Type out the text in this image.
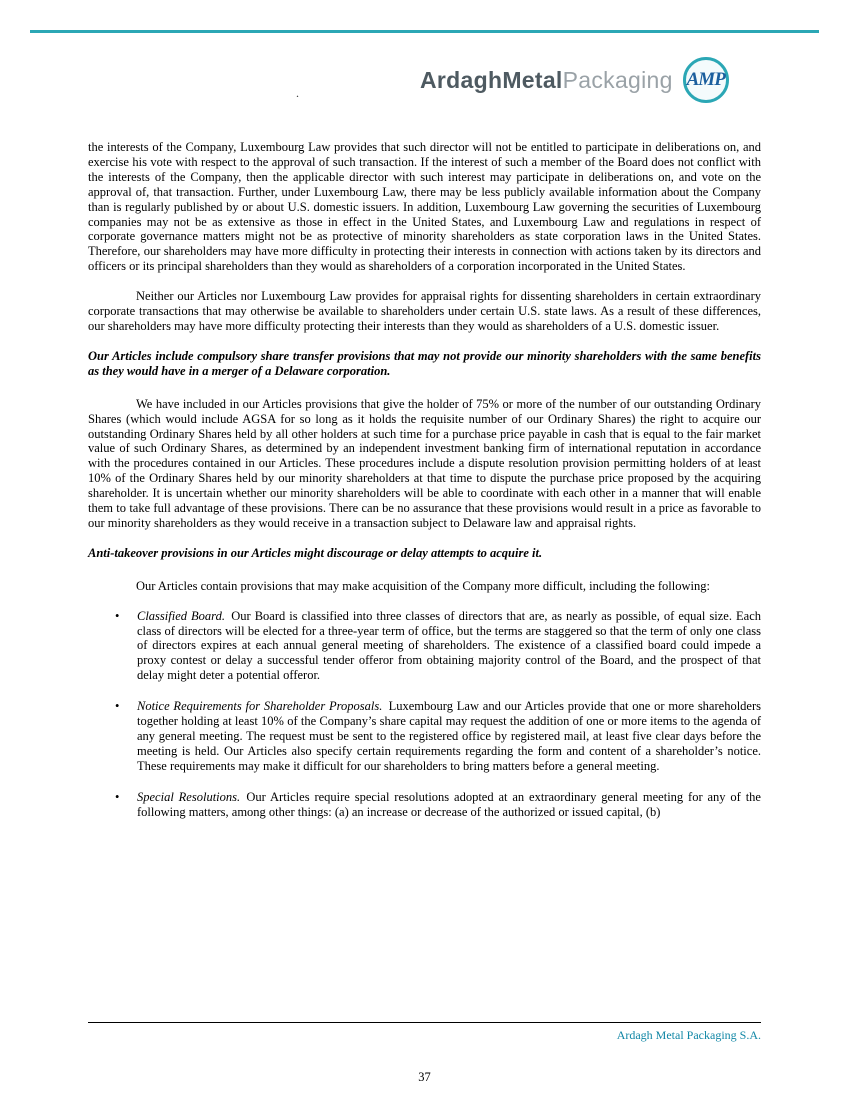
Ardagh Metal Packaging AMP
.

the interests of the Company, Luxembourg Law provides that such director will not be entitled to participate in deliberations on, and exercise his vote with respect to the approval of such transaction. If the interest of such a member of the Board does not conflict with the interests of the Company, then the applicable director with such interest may participate in deliberations on, and vote on the approval of, that transaction. Further, under Luxembourg Law, there may be less publicly available information about the Company than is regularly published by or about U.S. domestic issuers. In addition, Luxembourg Law governing the securities of Luxembourg companies may not be as extensive as those in effect in the United States, and Luxembourg Law and regulations in respect of corporate governance matters might not be as protective of minority shareholders as state corporation laws in the United States. Therefore, our shareholders may have more difficulty in protecting their interests in connection with actions taken by its directors and officers or its principal shareholders than they would as shareholders of a corporation incorporated in the United States.

Neither our Articles nor Luxembourg Law provides for appraisal rights for dissenting shareholders in certain extraordinary corporate transactions that may otherwise be available to shareholders under certain U.S. state laws. As a result of these differences, our shareholders may have more difficulty protecting their interests than they would as shareholders of a U.S. domestic issuer.

Our Articles include compulsory share transfer provisions that may not provide our minority shareholders with the same benefits as they would have in a merger of a Delaware corporation.

We have included in our Articles provisions that give the holder of 75% or more of the number of our outstanding Ordinary Shares (which would include AGSA for so long as it holds the requisite number of our Ordinary Shares) the right to acquire our outstanding Ordinary Shares held by all other holders at such time for a purchase price payable in cash that is equal to the fair market value of such Ordinary Shares, as determined by an independent investment banking firm of international reputation in accordance with the procedures contained in our Articles. These procedures include a dispute resolution provision permitting holders of at least 10% of the Ordinary Shares held by our minority shareholders at that time to dispute the purchase price proposed by the acquiring shareholder. It is uncertain whether our minority shareholders will be able to coordinate with each other in a manner that will enable them to take full advantage of these provisions. There can be no assurance that these provisions would result in a price as favorable to our minority shareholders as they would receive in a transaction subject to Delaware law and appraisal rights.

Anti-takeover provisions in our Articles might discourage or delay attempts to acquire it.

Our Articles contain provisions that may make acquisition of the Company more difficult, including the following:

•	Classified Board. Our Board is classified into three classes of directors that are, as nearly as possible, of equal size. Each class of directors will be elected for a three-year term of office, but the terms are staggered so that the term of only one class of directors expires at each annual general meeting of shareholders. The existence of a classified board could impede a proxy contest or delay a successful tender offeror from obtaining majority control of the Board, and the prospect of that delay might deter a potential offeror.
•	Notice Requirements for Shareholder Proposals. Luxembourg Law and our Articles provide that one or more shareholders together holding at least 10% of the Company’s share capital may request the addition of one or more items to the agenda of any general meeting. The request must be sent to the registered office by registered mail, at least five clear days before the meeting is held. Our Articles also specify certain requirements regarding the form and content of a shareholder’s notice. These requirements may make it difficult for our shareholders to bring matters before a general meeting.
•	Special Resolutions. Our Articles require special resolutions adopted at an extraordinary general meeting for any of the following matters, among other things: (a) an increase or decrease of the authorized or issued capital, (b)
Ardagh Metal Packaging S.A.
37
